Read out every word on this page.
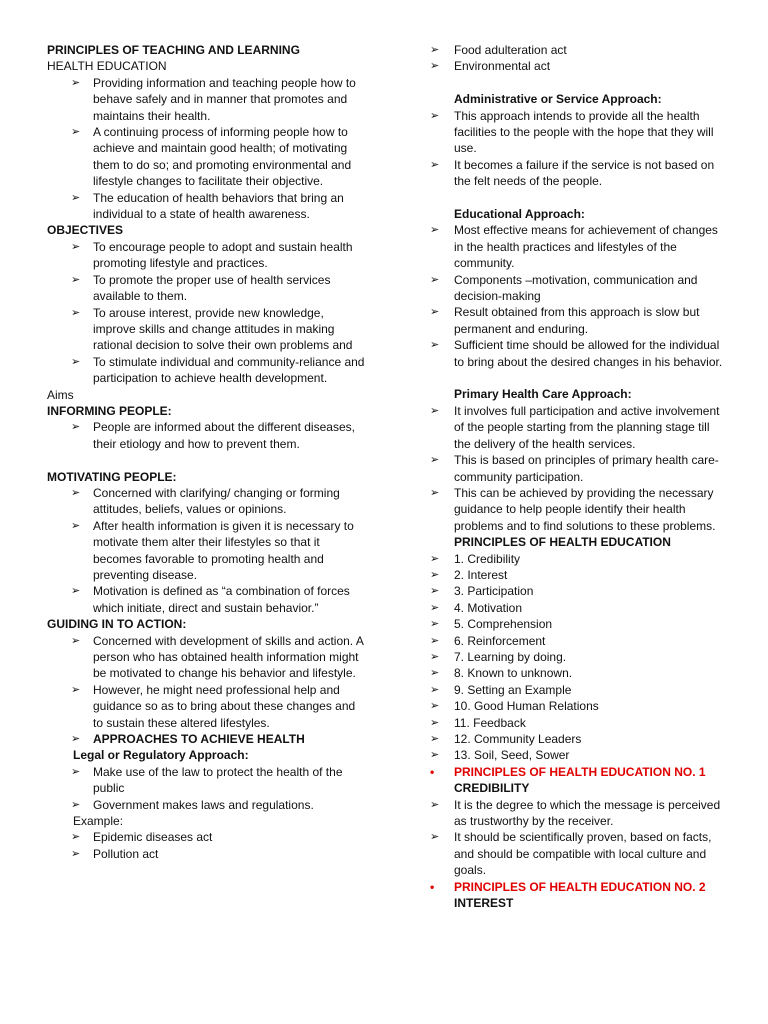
PRINCIPLES OF TEACHING AND LEARNING
HEALTH EDUCATION
➢	Providing information and teaching people how to behave safely and in manner that promotes and maintains their health.
➢	A continuing process of informing people how to achieve and maintain good health; of motivating them to do so; and promoting environmental and lifestyle changes to facilitate their objective.
➢	The education of health behaviors that bring an individual to a state of health awareness.
OBJECTIVES
➢	To encourage people to adopt and sustain health promoting lifestyle and practices.
➢	To promote the proper use of health services available to them.
➢	To arouse interest, provide new knowledge, improve skills and change attitudes in making rational decision to solve their own problems and
➢	To stimulate individual and community-reliance and participation to achieve health development.
Aims
INFORMING PEOPLE:
➢	People are informed about the different diseases, their etiology and how to prevent them.
MOTIVATING PEOPLE:
➢	Concerned with clarifying/ changing or forming attitudes, beliefs, values or opinions.
➢	After health information is given it is necessary to motivate them alter their lifestyles so that it becomes favorable to promoting health and preventing disease.
➢	Motivation is defined as “a combination of forces which initiate, direct and sustain behavior.”
GUIDING IN TO ACTION:
➢	Concerned with development of skills and action. A person who has obtained health information might be motivated to change his behavior and lifestyle.
➢	However, he might need professional help and guidance so as to bring about these changes and to sustain these altered lifestyles.
➢	APPROACHES TO ACHIEVE HEALTH
Legal or Regulatory Approach:
➢	Make use of the law to protect the health of the public
➢	Government makes laws and regulations.
Example:
➢	Epidemic diseases act
➢	Pollution act
➢	Food adulteration act
➢	Environmental act
Administrative or Service Approach:
➢	This approach intends to provide all the health facilities to the people with the hope that they will use.
➢	It becomes a failure if the service is not based on the felt needs of the people.
Educational Approach:
➢	Most effective means for achievement of changes in the health practices and lifestyles of the community.
➢	Components –motivation, communication and decision-making
➢	Result obtained from this approach is slow but permanent and enduring.
➢	Sufficient time should be allowed for the individual to bring about the desired changes in his behavior.
Primary Health Care Approach:
➢	It involves full participation and active involvement of the people starting from the planning stage till the delivery of the health services.
➢	This is based on principles of primary health care-community participation.
➢	This can be achieved by providing the necessary guidance to help people identify their health problems and to find solutions to these problems.
PRINCIPLES OF HEALTH EDUCATION
➢	1. Credibility
➢	2. Interest
➢	3. Participation
➢	4. Motivation
➢	5. Comprehension
➢	6. Reinforcement
➢	7. Learning by doing.
➢	8. Known to unknown.
➢	9. Setting an Example
➢	10. Good Human Relations
➢	11. Feedback
➢	12. Community Leaders
➢	13. Soil, Seed, Sower
• PRINCIPLES OF HEALTH EDUCATION NO. 1
CREDIBILITY
➢	It is the degree to which the message is perceived as trustworthy by the receiver.
➢	It should be scientifically proven, based on facts, and should be compatible with local culture and goals.
• PRINCIPLES OF HEALTH EDUCATION NO. 2
INTEREST
